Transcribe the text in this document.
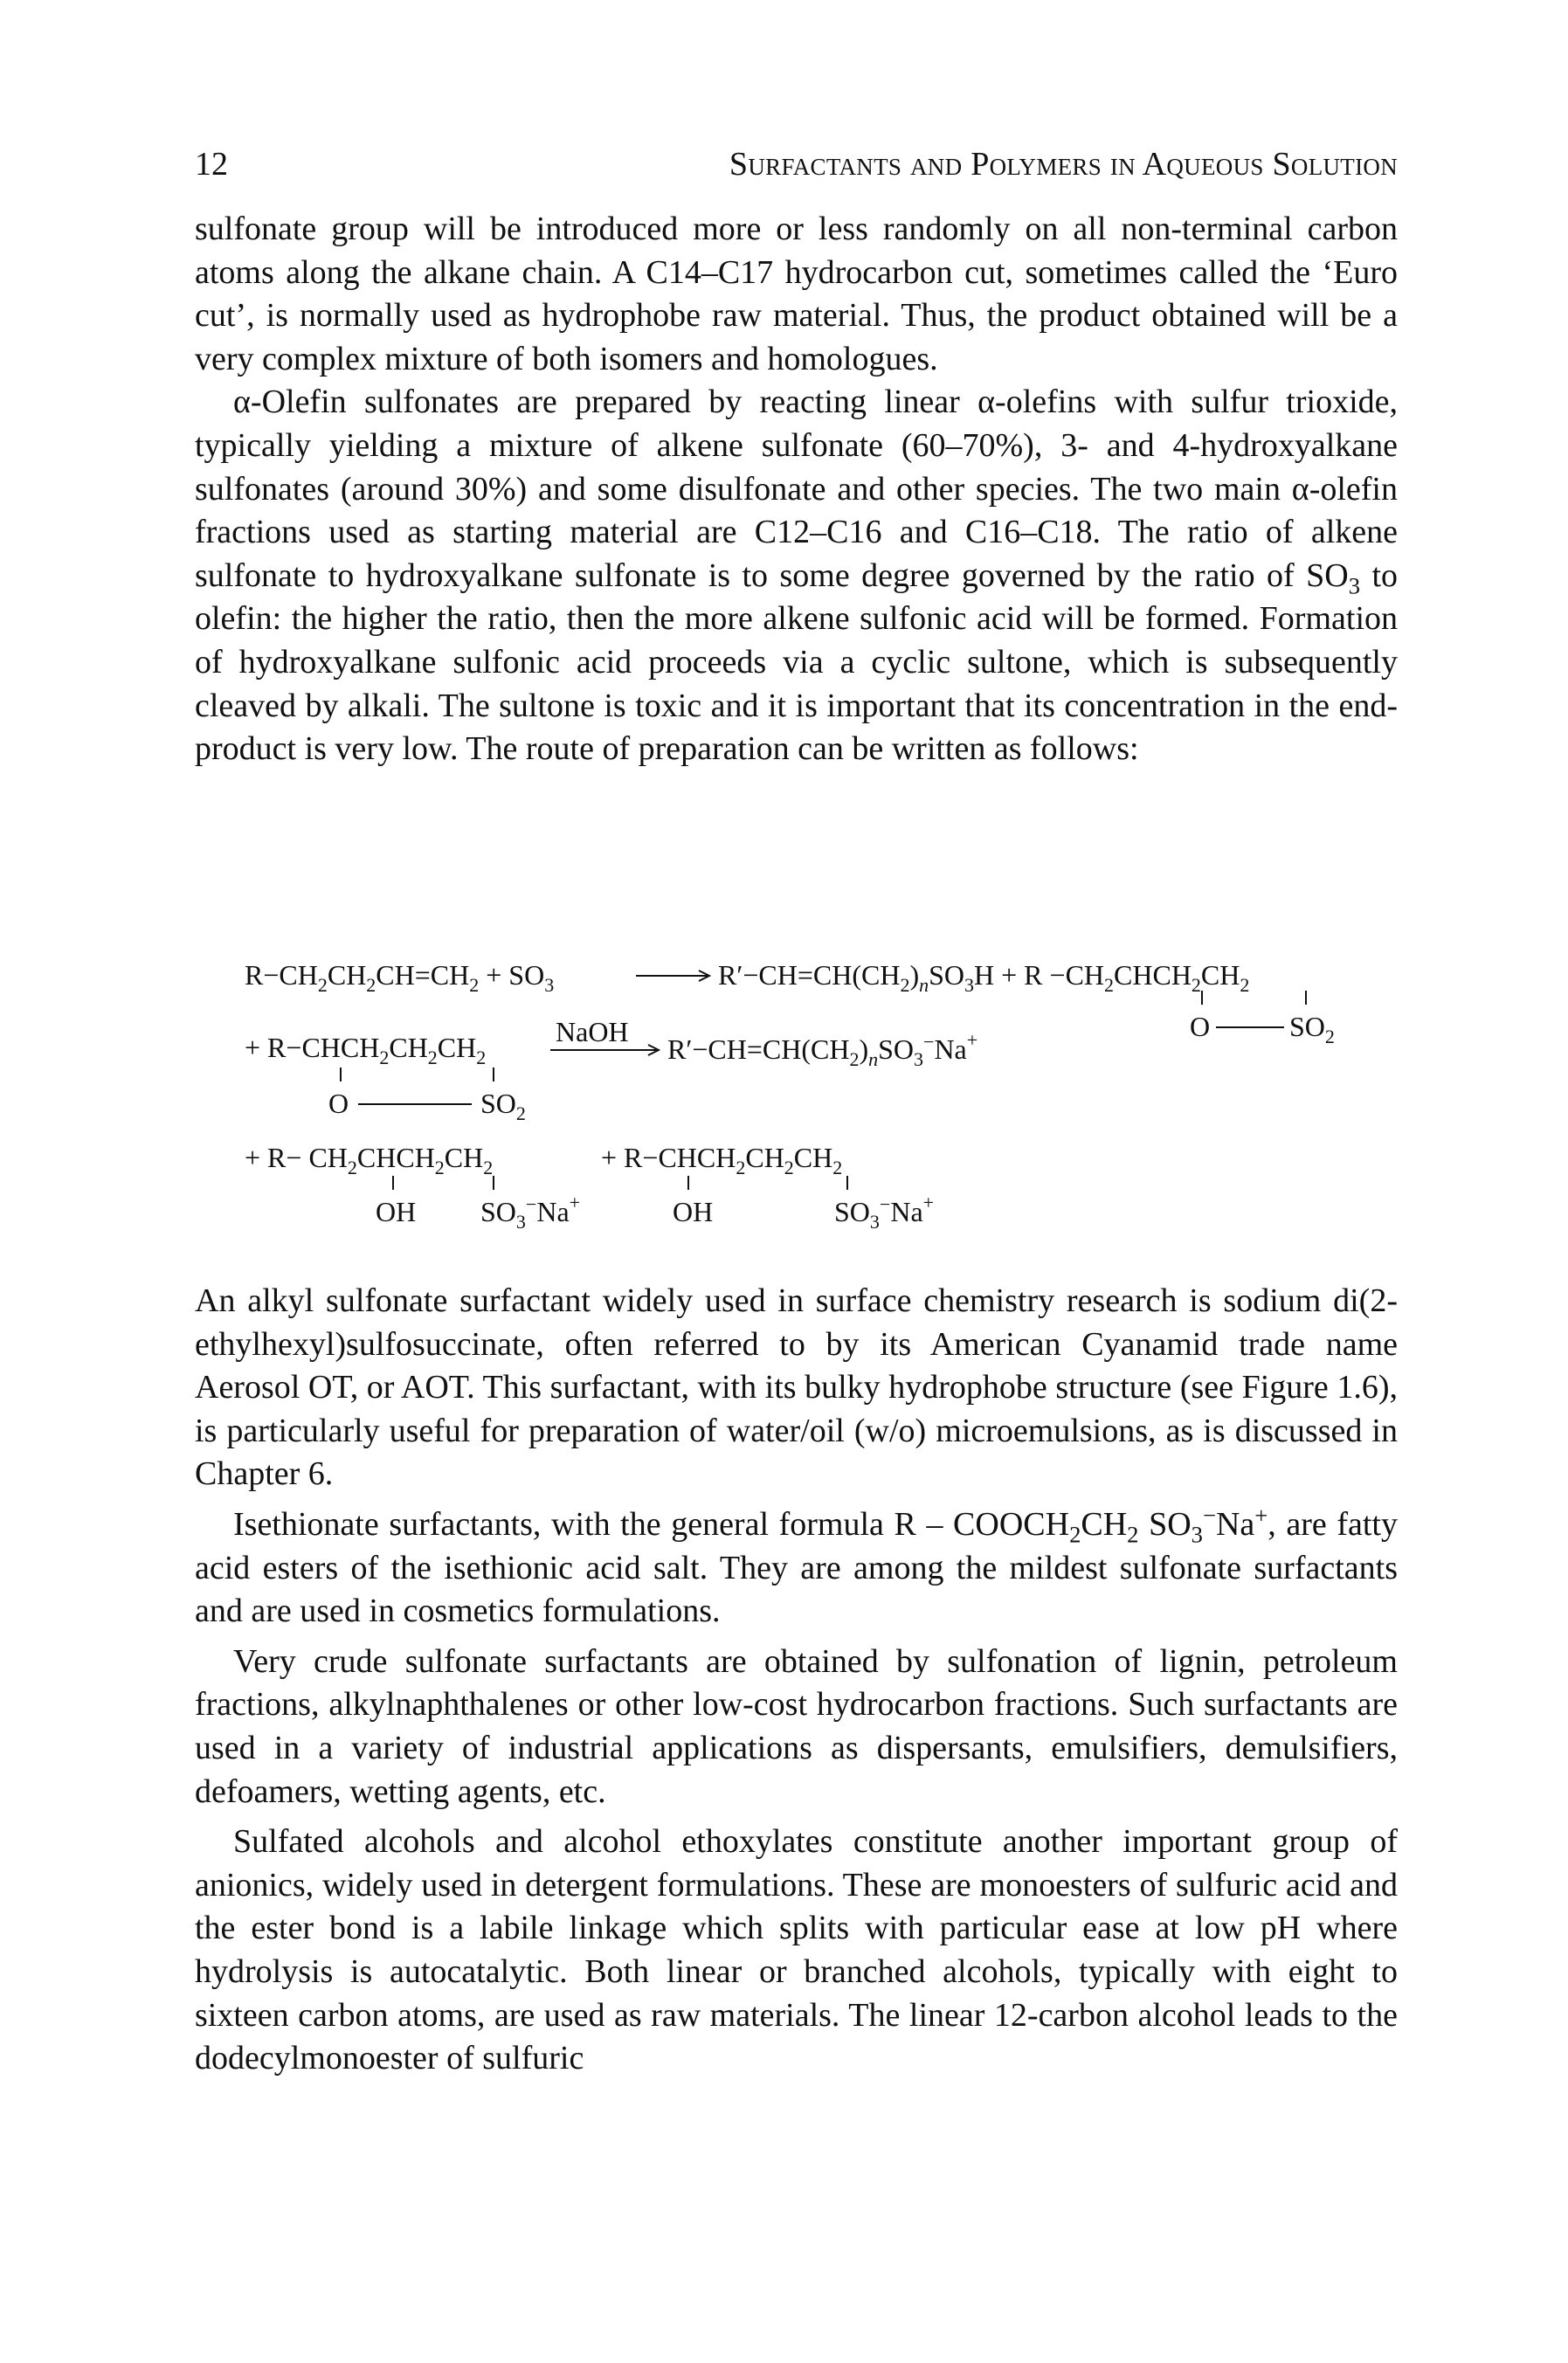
12	Surfactants and Polymers in Aqueous Solution

sulfonate group will be introduced more or less randomly on all non-terminal carbon atoms along the alkane chain. A C14–C17 hydrocarbon cut, sometimes called the ‘Euro cut’, is normally used as hydrophobe raw material. Thus, the product obtained will be a very complex mixture of both isomers and homologues.

α-Olefin sulfonates are prepared by reacting linear α-olefins with sulfur trioxide, typically yielding a mixture of alkene sulfonate (60–70%), 3- and 4-hydroxyalkane sulfonates (around 30%) and some disulfonate and other species. The two main α-olefin fractions used as starting material are C12–C16 and C16–C18. The ratio of alkene sulfonate to hydroxyalkane sulfonate is to some degree governed by the ratio of $SO_3$ to olefin: the higher the ratio, then the more alkene sulfonic acid will be formed. Formation of hydroxyalkane sulfonic acid proceeds via a cyclic sultone, which is subsequently cleaved by alkali. The sultone is toxic and it is important that its concentration in the end-product is very low. The route of preparation can be written as follows:

$R-CH_2CH_2CH=CH_2 + SO_3$	$R'-CH=CH(CH_2)_nSO_3H + R$ $-CH_2CHCH_2CH_2$
O	$SO_2$
+ $R-CHCH_2CH_2CH_2$
NaOH
$R'-CH=CH(CH_2)_nSO_3^-Na^+$
O	$SO_2$
+ $R- CH_2CHCH_2CH_2$
OH $SO_3^-Na^+$
+ $R-CHCH_2CH_2CH_2$
OH	$SO_3^-Na^+$

An alkyl sulfonate surfactant widely used in surface chemistry research is sodium di(2-ethylhexyl)sulfosuccinate, often referred to by its American Cyanamid trade name Aerosol OT, or AOT. This surfactant, with its bulky hydrophobe structure (see Figure 1.6), is particularly useful for preparation of water/oil (w/o) microemulsions, as is discussed in Chapter 6.

Isethionate surfactants, with the general formula R – $COOCH_2CH_2$ $SO_3^-Na^+$, are fatty acid esters of the isethionic acid salt. They are among the mildest sulfonate surfactants and are used in cosmetics formulations.

Very crude sulfonate surfactants are obtained by sulfonation of lignin, petroleum fractions, alkylnaphthalenes or other low-cost hydrocarbon fractions. Such surfactants are used in a variety of industrial applications as dispersants, emulsifiers, demulsifiers, defoamers, wetting agents, etc.

Sulfated alcohols and alcohol ethoxylates constitute another important group of anionics, widely used in detergent formulations. These are monoesters of sulfuric acid and the ester bond is a labile linkage which splits with particular ease at low pH where hydrolysis is autocatalytic. Both linear or branched alcohols, typically with eight to sixteen carbon atoms, are used as raw materials. The linear 12-carbon alcohol leads to the dodecylmonoester of sulfuric
